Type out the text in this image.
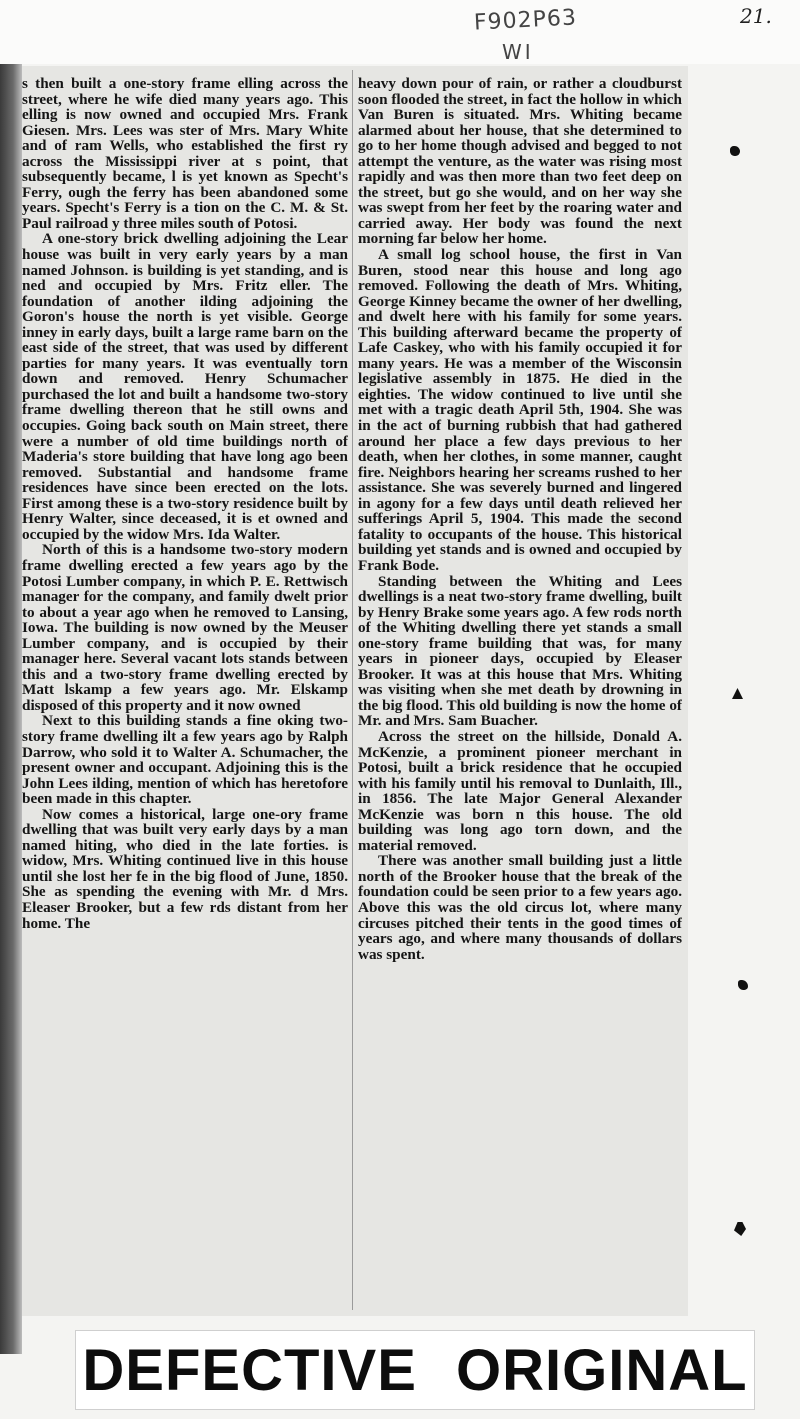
F902P63
WI
21.

s then built a one-story frame elling across the street, where he wife died many years ago. This elling is now owned and occupied Mrs. Frank Giesen. Mrs. Lees was ster of Mrs. Mary White and of ram Wells, who established the first ry across the Mississippi river at s point, that subsequently became, l is yet known as Specht's Ferry, ough the ferry has been abandoned some years. Specht's Ferry is a tion on the C. M. & St. Paul railroad y three miles south of Potosi.

A one-story brick dwelling adjoining the Lear house was built in very early years by a man named Johnson. is building is yet standing, and is ned and occupied by Mrs. Fritz eller. The foundation of another ilding adjoining the Goron's house the north is yet visible. George inney in early days, built a large rame barn on the east side of the street, that was used by different parties for many years. It was eventually torn down and removed. Henry Schumacher purchased the lot and built a handsome two-story frame dwelling thereon that he still owns and occupies. Going back south on Main street, there were a number of old time buildings north of Maderia's store building that have long ago been removed. Substantial and handsome frame residences have since been erected on the lots. First among these is a two-story residence built by Henry Walter, since deceased, it is et owned and occupied by the widow Mrs. Ida Walter.

North of this is a handsome two-story modern frame dwelling erected a few years ago by the Potosi Lumber company, in which P. E. Rettwisch manager for the company, and family dwelt prior to about a year ago when he removed to Lansing, Iowa. The building is now owned by the Meuser Lumber company, and is occupied by their manager here. Several vacant lots stands between this and a two-story frame dwelling erected by Matt lskamp a few years ago. Mr. Elskamp disposed of this property and it now owned

Next to this building stands a fine oking two-story frame dwelling ilt a few years ago by Ralph Darrow, who sold it to Walter A. Schumacher, the present owner and occupant. Adjoining this is the John Lees ilding, mention of which has heretofore been made in this chapter.

Now comes a historical, large one-ory frame dwelling that was built very early days by a man named hiting, who died in the late forties. is widow, Mrs. Whiting continued live in this house until she lost her fe in the big flood of June, 1850. She as spending the evening with Mr. d Mrs. Eleaser Brooker, but a few rds distant from her home. The

heavy down pour of rain, or rather a cloudburst soon flooded the street, in fact the hollow in which Van Buren is situated. Mrs. Whiting became alarmed about her house, that she determined to go to her home though advised and begged to not attempt the venture, as the water was rising most rapidly and was then more than two feet deep on the street, but go she would, and on her way she was swept from her feet by the roaring water and carried away. Her body was found the next morning far below her home.

A small log school house, the first in Van Buren, stood near this house and long ago removed. Following the death of Mrs. Whiting, George Kinney became the owner of her dwelling, and dwelt here with his family for some years. This building afterward became the property of Lafe Caskey, who with his family occupied it for many years. He was a member of the Wisconsin legislative assembly in 1875. He died in the eighties. The widow continued to live until she met with a tragic death April 5th, 1904. She was in the act of burning rubbish that had gathered around her place a few days previous to her death, when her clothes, in some manner, caught fire. Neighbors hearing her screams rushed to her assistance. She was severely burned and lingered in agony for a few days until death relieved her sufferings April 5, 1904. This made the second fatality to occupants of the house. This historical building yet stands and is owned and occupied by Frank Bode.

Standing between the Whiting and Lees dwellings is a neat two-story frame dwelling, built by Henry Brake some years ago. A few rods north of the Whiting dwelling there yet stands a small one-story frame building that was, for many years in pioneer days, occupied by Eleaser Brooker. It was at this house that Mrs. Whiting was visiting when she met death by drowning in the big flood. This old building is now the home of Mr. and Mrs. Sam Buacher.

Across the street on the hillside, Donald A. McKenzie, a prominent pioneer merchant in Potosi, built a brick residence that he occupied with his family until his removal to Dunlaith, Ill., in 1856. The late Major General Alexander McKenzie was born n this house. The old building was long ago torn down, and the material removed.

There was another small building just a little north of the Brooker house that the break of the foundation could be seen prior to a few years ago. Above this was the old circus lot, where many circuses pitched their tents in the good times of years ago, and where many thousands of dollars was spent.

DEFECTIVE ORIGINAL
